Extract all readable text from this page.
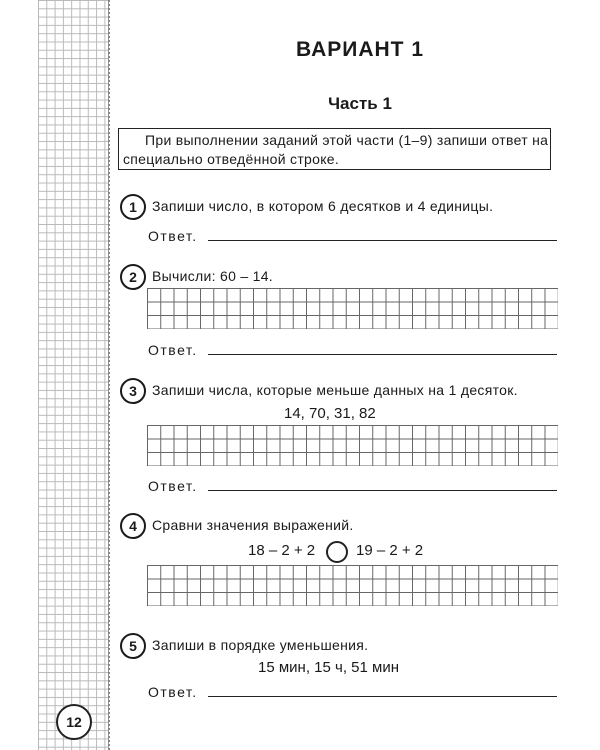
12
ВАРИАНТ 1
Часть 1
При выполнении заданий этой части (1–9) запиши ответ на специально отведённой строке.
1	Запиши число, в котором 6 десятков и 4 единицы.
Ответ.
2	Вычисли: 60 – 14.
Ответ.
3	Запиши числа, которые меньше данных на 1 десяток.
14, 70, 31, 82
Ответ.
4	Сравни значения выражений.
18 – 2 + 2	19 – 2 + 2
5	Запиши в порядке уменьшения.
15 мин, 15 ч, 51 мин
Ответ.
